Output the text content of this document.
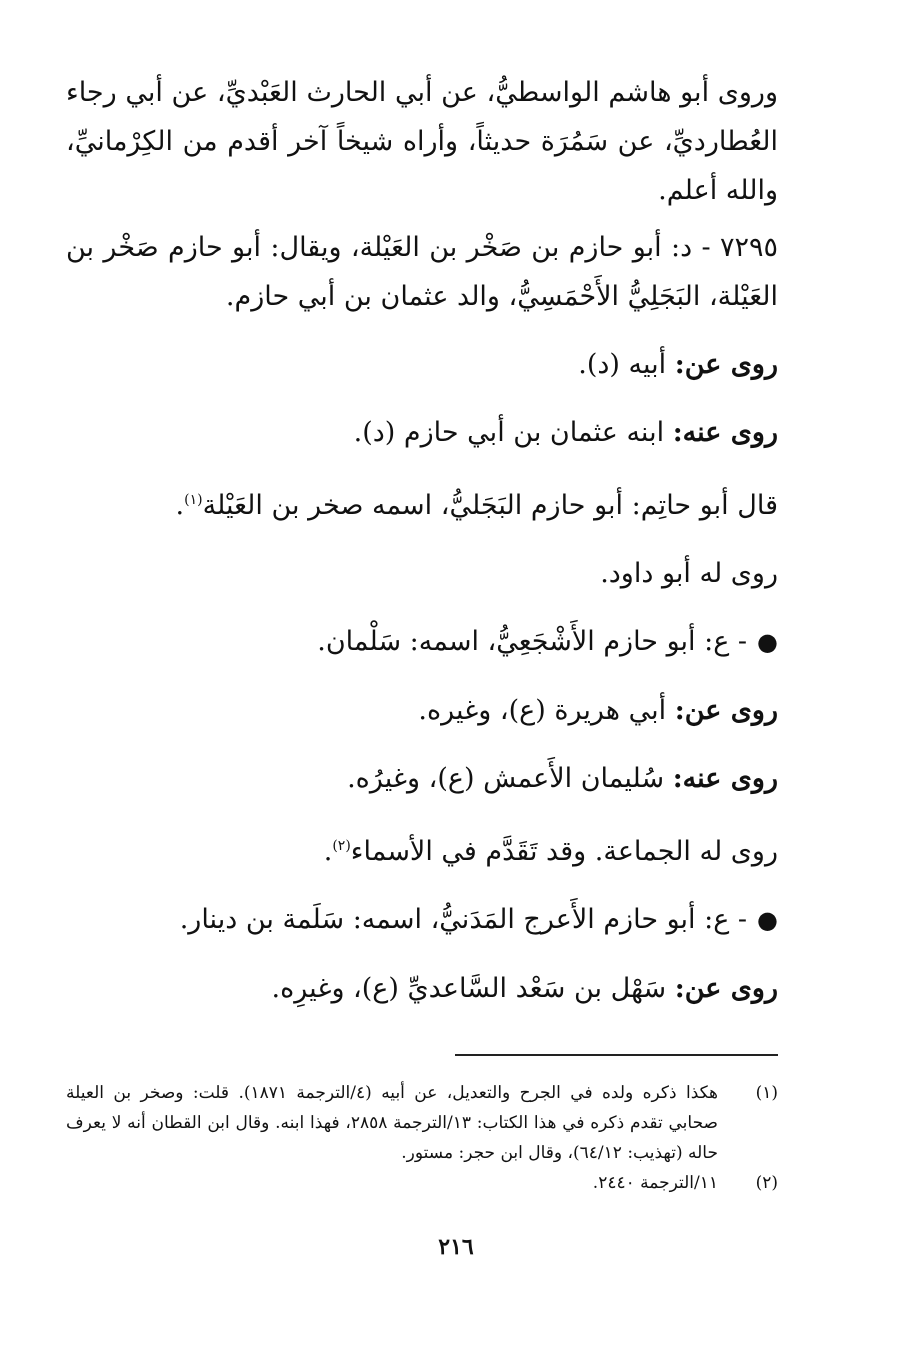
وروى أبو هاشم الواسطيُّ، عن أبي الحارث العَبْديِّ، عن أبي رجاء العُطارديِّ، عن سَمُرَة حديثاً، وأراه شيخاً آخر أقدم من الكِرْمانيِّ، والله أعلم.

٧٢٩٥ - د: أبو حازم بن صَخْر بن العَيْلة، ويقال: أبو حازم صَخْر بن العَيْلة، البَجَلِيُّ الأَحْمَسِيُّ، والد عثمان بن أبي حازم.

روى عن: أبيه (د).

روى عنه: ابنه عثمان بن أبي حازم (د).

قال أبو حاتِم: أبو حازم البَجَليُّ، اسمه صخر بن العَيْلة$^{(١)}$.

روى له أبو داود.

●- ع: أبو حازم الأَشْجَعِيُّ، اسمه: سَلْمان.

روى عن: أبي هريرة (ع)، وغيره.

روى عنه: سُليمان الأَعمش (ع)، وغيرُه.

روى له الجماعة. وقد تَقَدَّم في الأسماء$^{(٢)}$.

●- ع: أبو حازم الأَعرج المَدَنيُّ، اسمه: سَلَمة بن دينار.

روى عن: سَهْل بن سَعْد السَّاعديِّ (ع)، وغيرِه.

(١)
هكذا ذكره ولده في الجرح والتعديل، عن أبيه (٤/الترجمة ١٨٧١). قلت: وصخر بن العيلة صحابي تقدم ذكره في هذا الكتاب: ١٣/الترجمة ٢٨٥٨، فهذا ابنه. وقال ابن القطان أنه لا يعرف حاله (تهذيب: ٦٤/١٢)، وقال ابن حجر: مستور.

(٢)
١١/الترجمة ٢٤٤٠.

٢١٦
